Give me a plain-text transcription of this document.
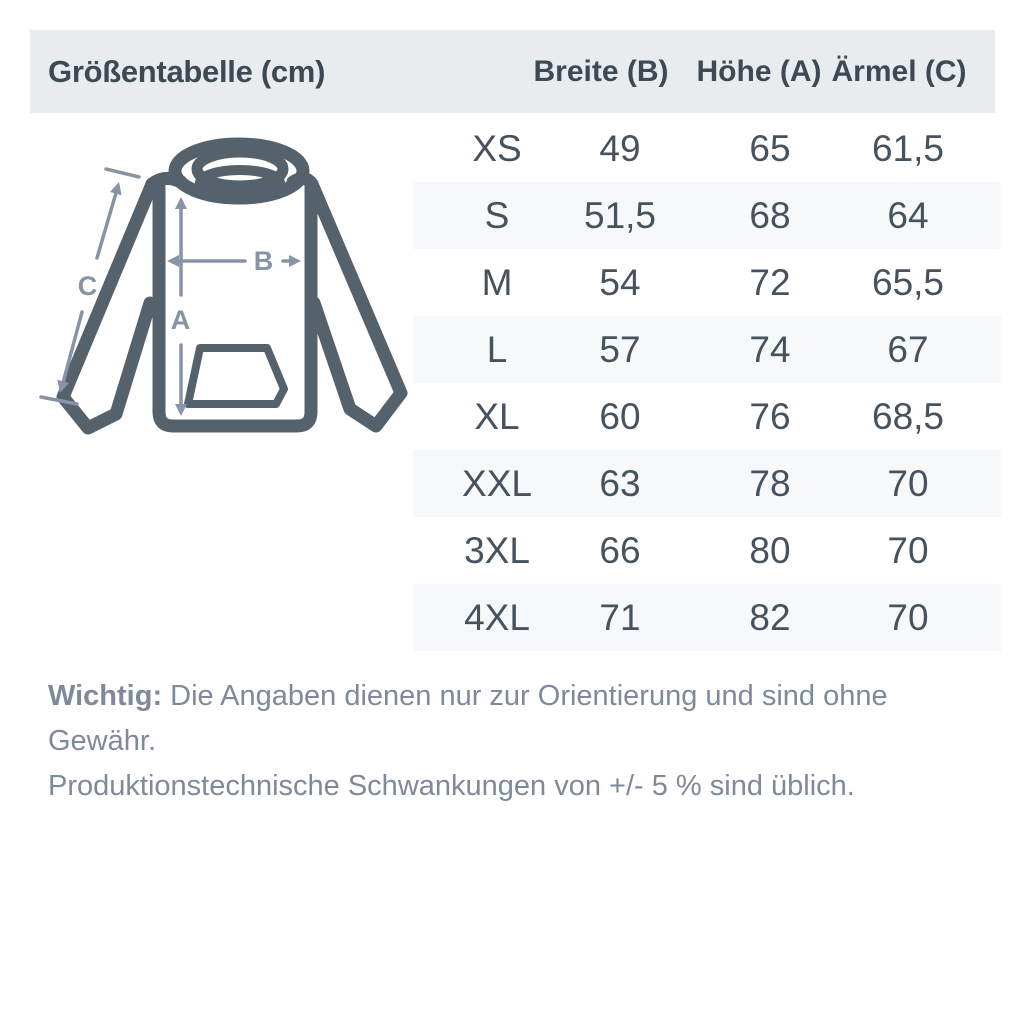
Größentabelle (cm)	Breite (B) Höhe (A) Ärmel (C)
A
B
C
XS 49	65 61,5
S 51,5	68	64
M 54	72 65,5
L 57	74	67
XL 60	76 68,5
XXL 63	78	70
3XL 66	80	70
4XL 71	82	70
Wichtig: Die Angaben dienen nur zur Orientierung und sind ohne Gewähr.
Produktionstechnische Schwankungen von +/- 5 % sind üblich.
